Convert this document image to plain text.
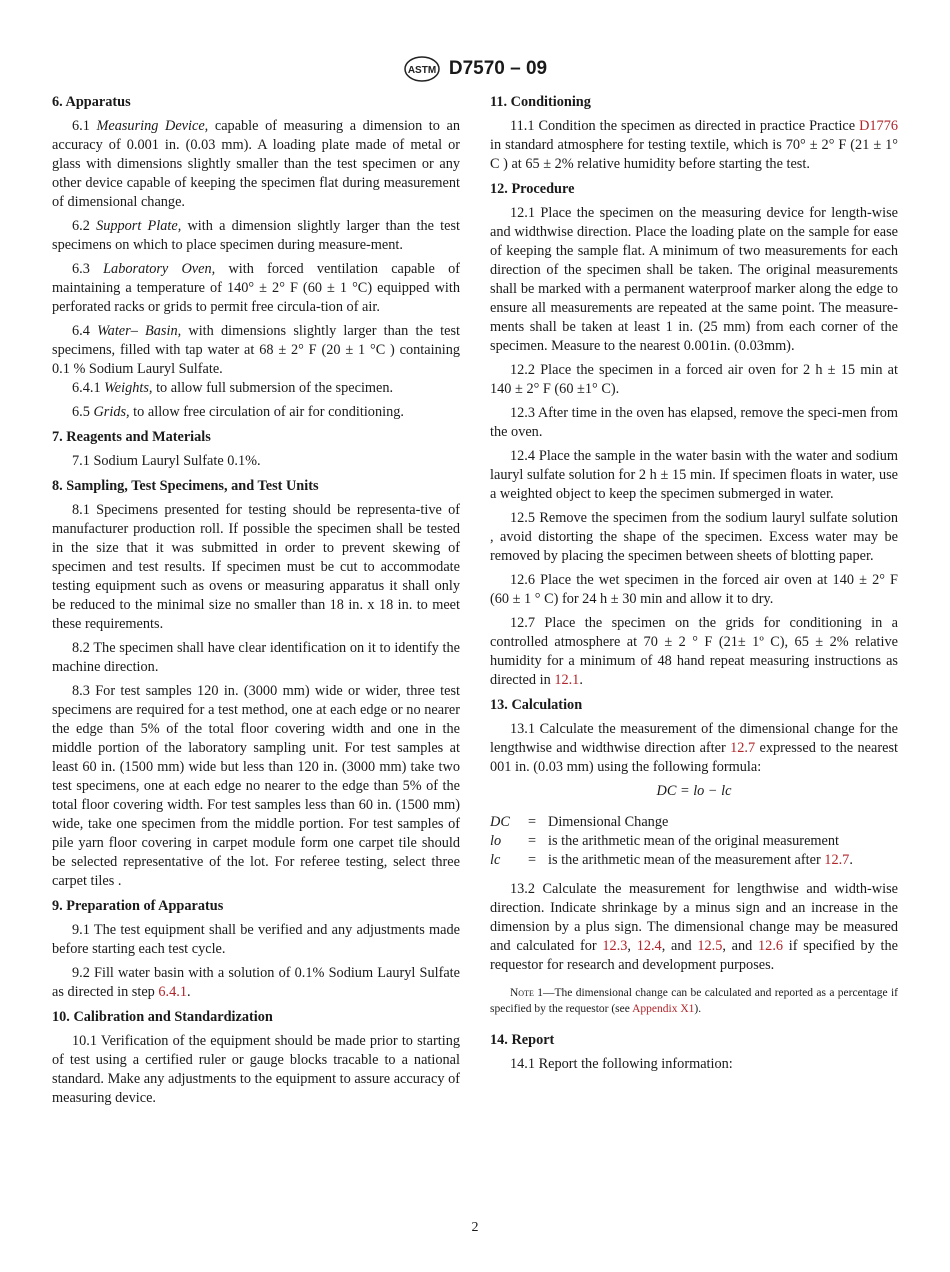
ASTM D7570 – 09
6. Apparatus

6.1 Measuring Device, capable of measuring a dimension to an accuracy of 0.001 in. (0.03 mm). A loading plate made of metal or glass with dimensions slightly smaller than the test specimen or any other device capable of keeping the specimen flat during measurement of dimensional change.

6.2 Support Plate, with a dimension slightly larger than the test specimens on which to place specimen during measure-ment.

6.3 Laboratory Oven, with forced ventilation capable of maintaining a temperature of 140° ± 2° F (60 ± 1 °C) equipped with perforated racks or grids to permit free circula-tion of air.

6.4 Water– Basin, with dimensions slightly larger than the test specimens, filled with tap water at 68 ± 2° F (20 ± 1 °C ) containing 0.1 % Sodium Lauryl Sulfate.

6.4.1 Weights, to allow full submersion of the specimen.

6.5 Grids, to allow free circulation of air for conditioning.

7. Reagents and Materials

7.1 Sodium Lauryl Sulfate 0.1%.

8. Sampling, Test Specimens, and Test Units

8.1 Specimens presented for testing should be representa-tive of manufacturer production roll. If possible the specimen shall be tested in the size that it was submitted in order to prevent skewing of specimen and test results. If specimen must be cut to accommodate testing equipment such as ovens or measuring apparatus it shall only be reduced to the minimal size no smaller than 18 in. x 18 in. to meet these requirements.

8.2 The specimen shall have clear identification on it to identify the machine direction.

8.3 For test samples 120 in. (3000 mm) wide or wider, three test specimens are required for a test method, one at each edge or no nearer the edge than 5% of the total floor covering width and one in the middle portion of the laboratory sampling unit. For test samples at least 60 in. (1500 mm) wide but less than 120 in. (3000 mm) take two test specimens, one at each edge no nearer to the edge than 5% of the total floor covering width. For test samples less than 60 in. (1500 mm) wide, take one specimen from the middle portion. For test samples of pile yarn floor covering in carpet module form one carpet tile should be selected representative of the lot. For referee testing, select three carpet tiles .

9. Preparation of Apparatus

9.1 The test equipment shall be verified and any adjustments made before starting each test cycle.

9.2 Fill water basin with a solution of 0.1% Sodium Lauryl Sulfate as directed in step 6.4.1.

10. Calibration and Standardization

10.1 Verification of the equipment should be made prior to starting of test using a certified ruler or gauge blocks tracable to a national standard. Make any adjustments to the equipment to assure accuracy of measuring device.

11. Conditioning

11.1 Condition the specimen as directed in practice Practice D1776 in standard atmosphere for testing textile, which is 70° ± 2° F (21 ± 1° C ) at 65 ± 2% relative humidity before starting the test.

12. Procedure

12.1 Place the specimen on the measuring device for length-wise and widthwise direction. Place the loading plate on the sample for ease of keeping the sample flat. A minimum of two measurements for each direction of the specimen shall be taken. The original measurements shall be marked with a permanent waterproof marker along the edge to ensure all measurements are repeated at the same point. The measure-ments shall be taken at least 1 in. (25 mm) from each corner of the specimen. Measure to the nearest 0.001in. (0.03mm).

12.2 Place the specimen in a forced air oven for 2 h ± 15 min at 140 ± 2° F (60 ±1° C).

12.3 After time in the oven has elapsed, remove the speci-men from the oven.

12.4 Place the sample in the water basin with the water and sodium lauryl sulfate solution for 2 h ± 15 min. If specimen floats in water, use a weighted object to keep the specimen submerged in water.

12.5 Remove the specimen from the sodium lauryl sulfate solution , avoid distorting the shape of the specimen. Excess water may be removed by placing the specimen between sheets of blotting paper.

12.6 Place the wet specimen in the forced air oven at 140 ± 2° F (60 ± 1 ° C) for 24 h ± 30 min and allow it to dry.

12.7 Place the specimen on the grids for conditioning in a controlled atmosphere at 70 ± 2 ° F (21± 1º C), 65 ± 2% relative humidity for a minimum of 48 hand repeat measuring instructions as directed in 12.1.

13. Calculation

13.1 Calculate the measurement of the dimensional change for the lengthwise and widthwise direction after 12.7 expressed to the nearest 001 in. (0.03 mm) using the following formula:

DC = lo − lc
DC	=	Dimensional Change
lo	=	is the arithmetic mean of the original measurement
lc	=	is the arithmetic mean of the measurement after 12.7.

13.2 Calculate the measurement for lengthwise and width-wise direction. Indicate shrinkage by a minus sign and an increase in the dimension by a plus sign. The dimensional change may be measured and calculated for 12.3, 12.4, and 12.5, and 12.6 if specified by the requestor for research and development purposes.

Note 1—The dimensional change can be calculated and reported as a percentage if specified by the requestor (see Appendix X1).
14. Report

14.1 Report the following information:

2
